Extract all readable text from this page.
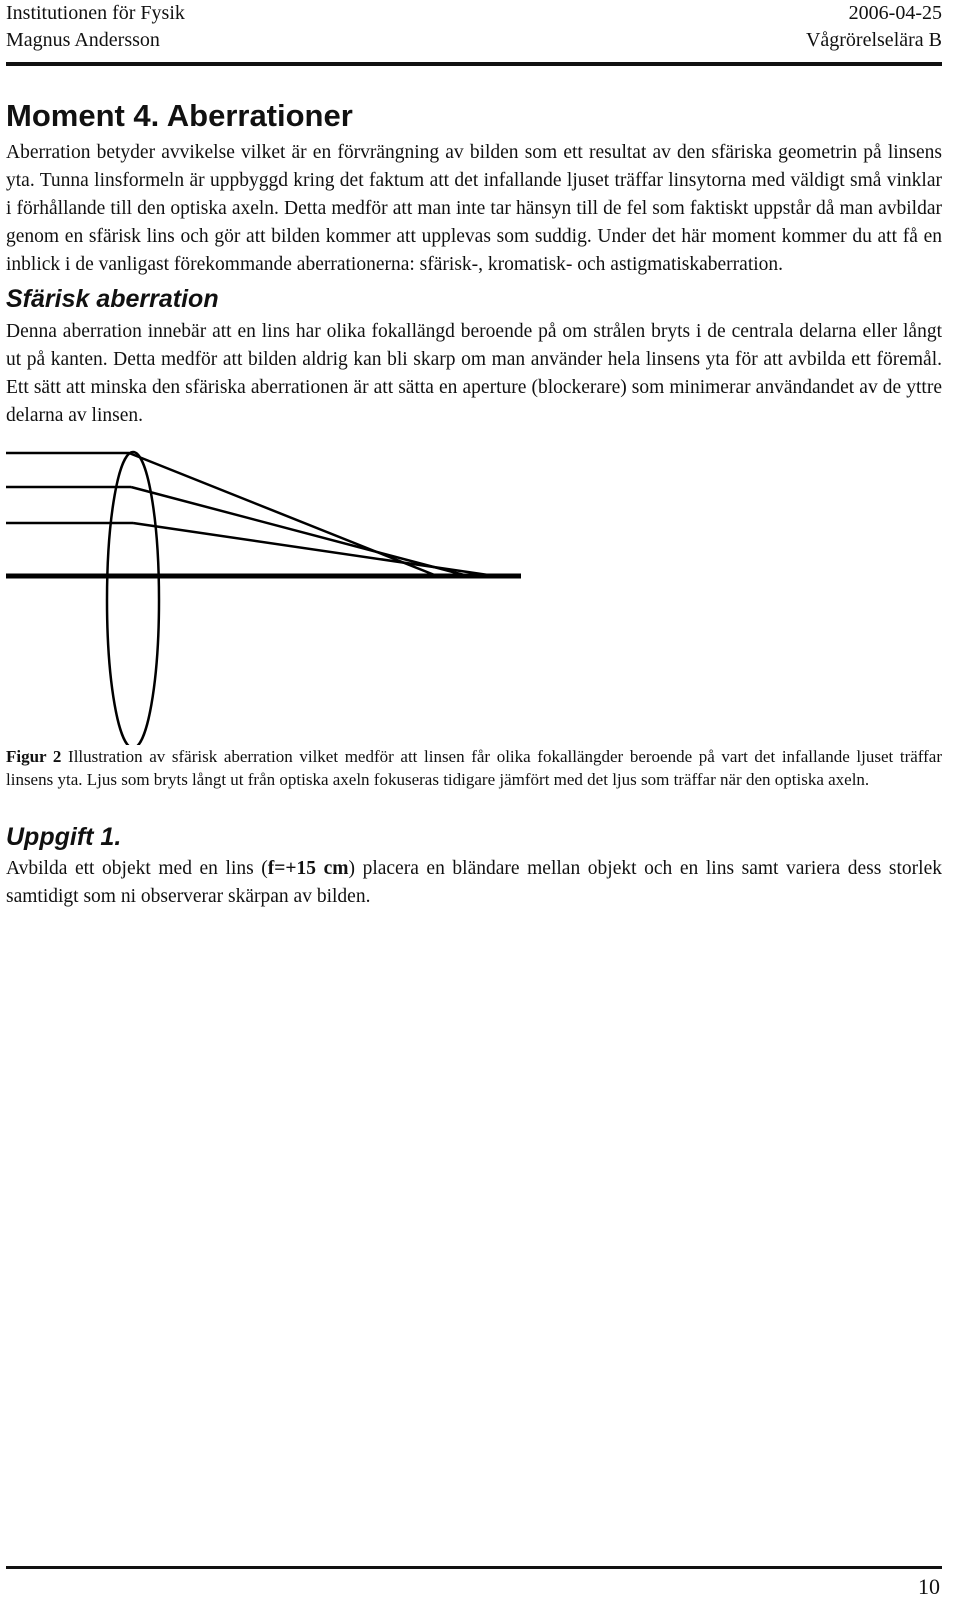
Institutionen för Fysik	2006-04-25
Magnus Andersson	Vågrörelselära B
Moment 4. Aberrationer

Aberration betyder avvikelse vilket är en förvrängning av bilden som ett resultat av den sfäriska geometrin på linsens yta. Tunna linsformeln är uppbyggd kring det faktum att det infallande ljuset träffar linsytorna med väldigt små vinklar i förhållande till den optiska axeln. Detta medför att man inte tar hänsyn till de fel som faktiskt uppstår då man avbildar genom en sfärisk lins och gör att bilden kommer att upplevas som suddig. Under det här moment kommer du att få en inblick i de vanligast förekommande aberrationerna: sfärisk-, kromatisk- och astigmatiskaberration.

Sfärisk aberration

Denna aberration innebär att en lins har olika fokallängd beroende på om strålen bryts i de centrala delarna eller långt ut på kanten. Detta medför att bilden aldrig kan bli skarp om man använder hela linsens yta för att avbilda ett föremål. Ett sätt att minska den sfäriska aberrationen är att sätta en aperture (blockerare) som minimerar användandet av de yttre delarna av linsen.

Figur 2 Illustration av sfärisk aberration vilket medför att linsen får olika fokallängder beroende på vart det infallande ljuset träffar linsens yta. Ljus som bryts långt ut från optiska axeln fokuseras tidigare jämfört med det ljus som träffar när den optiska axeln.

Uppgift 1.

Avbilda ett objekt med en lins (f=+15 cm) placera en bländare mellan objekt och en lins samt variera dess storlek samtidigt som ni observerar skärpan av bilden.

10
